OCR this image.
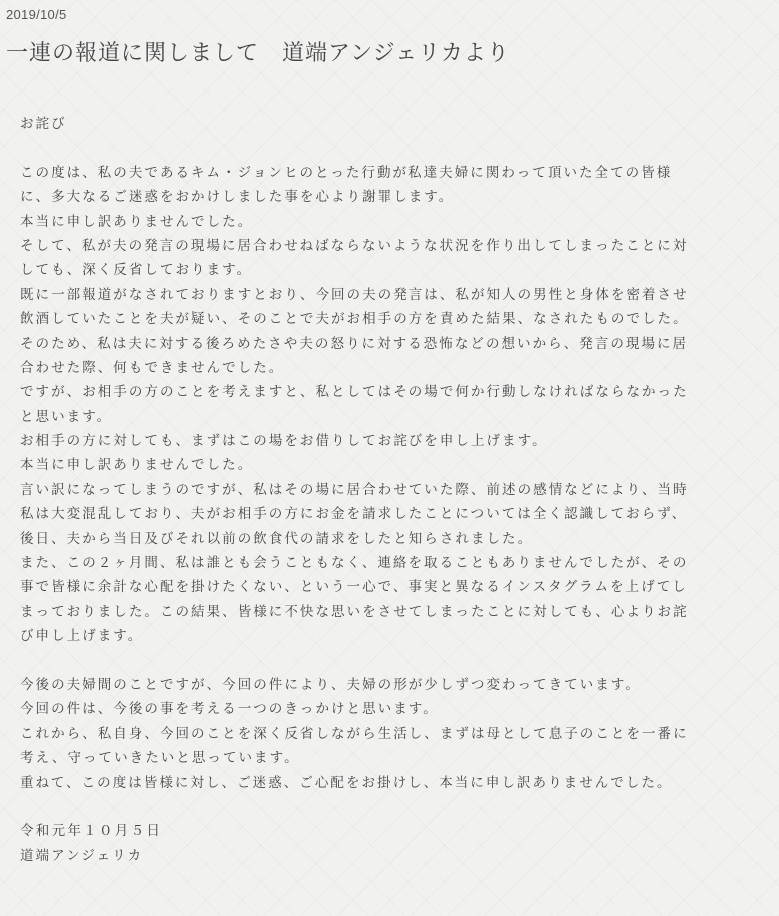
2019/10/5
一連の報道に関しまして　道端アンジェリカより
お詫び
この度は、私の夫であるキム・ジョンヒのとった行動が私達夫婦に関わって頂いた全ての皆様
に、多大なるご迷惑をおかけしました事を心より謝罪します。
本当に申し訳ありませんでした。
そして、私が夫の発言の現場に居合わせねばならないような状況を作り出してしまったことに対
しても、深く反省しております。
既に一部報道がなされておりますとおり、今回の夫の発言は、私が知人の男性と身体を密着させ
飲酒していたことを夫が疑い、そのことで夫がお相手の方を責めた結果、なされたものでした。
そのため、私は夫に対する後ろめたさや夫の怒りに対する恐怖などの想いから、発言の現場に居
合わせた際、何もできませんでした。
ですが、お相手の方のことを考えますと、私としてはその場で何か行動しなければならなかった
と思います。
お相手の方に対しても、まずはこの場をお借りしてお詫びを申し上げます。
本当に申し訳ありませんでした。
言い訳になってしまうのですが、私はその場に居合わせていた際、前述の感情などにより、当時
私は大変混乱しており、夫がお相手の方にお金を請求したことについては全く認識しておらず、
後日、夫から当日及びそれ以前の飲食代の請求をしたと知らされました。
また、この２ヶ月間、私は誰とも会うこともなく、連絡を取ることもありませんでしたが、その
事で皆様に余計な心配を掛けたくない、という一心で、事実と異なるインスタグラムを上げてし
まっておりました。この結果、皆様に不快な思いをさせてしまったことに対しても、心よりお詫
び申し上げます。
今後の夫婦間のことですが、今回の件により、夫婦の形が少しずつ変わってきています。
今回の件は、今後の事を考える一つのきっかけと思います。
これから、私自身、今回のことを深く反省しながら生活し、まずは母として息子のことを一番に
考え、守っていきたいと思っています。
重ねて、この度は皆様に対し、ご迷惑、ご心配をお掛けし、本当に申し訳ありませんでした。
令和元年１０月５日
道端アンジェリカ
